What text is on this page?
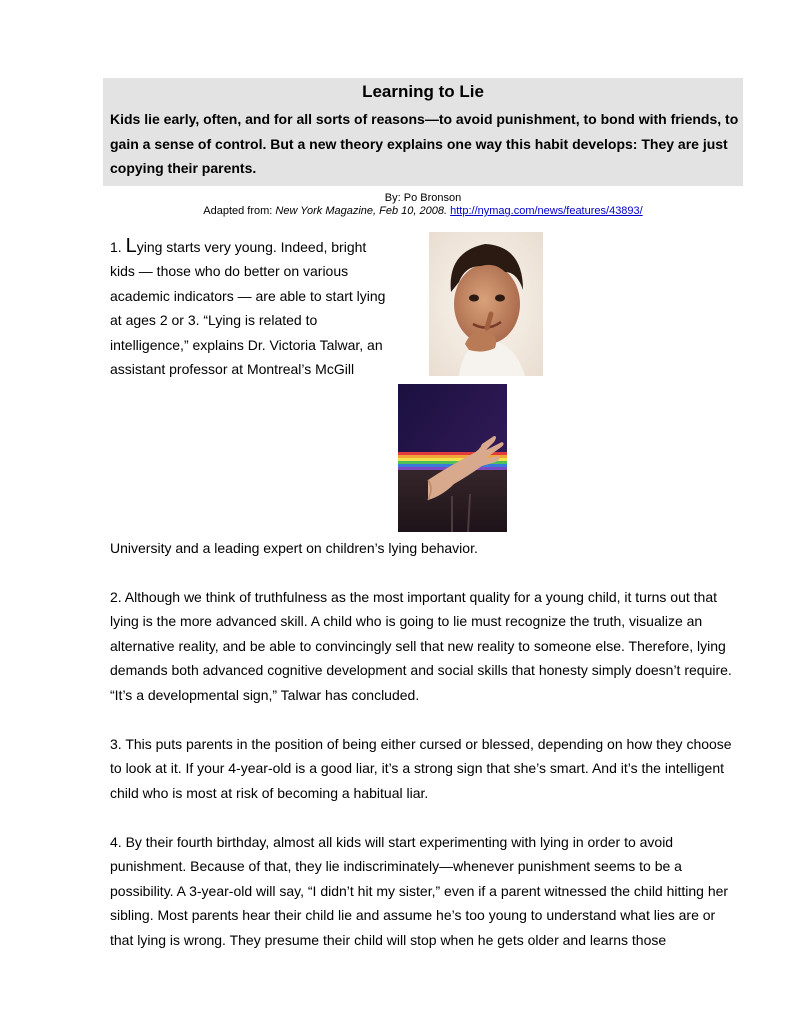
Learning to Lie
Kids lie early, often, and for all sorts of reasons—to avoid punishment, to bond with friends, to gain a sense of control. But a new theory explains one way this habit develops: They are just copying their parents.
By: Po Bronson
Adapted from: New York Magazine, Feb 10, 2008. http://nymag.com/news/features/43893/

1. Lying starts very young. Indeed, bright kids — those who do better on various academic indicators — are able to start lying at ages 2 or 3. “Lying is related to intelligence,” explains Dr. Victoria Talwar, an assistant professor at Montreal’s McGill

University and a leading expert on children’s lying behavior.

2. Although we think of truthfulness as the most important quality for a young child, it turns out that lying is the more advanced skill. A child who is going to lie must recognize the truth, visualize an alternative reality, and be able to convincingly sell that new reality to someone else. Therefore, lying demands both advanced cognitive development and social skills that honesty simply doesn’t require. “It’s a developmental sign,” Talwar has concluded.

3. This puts parents in the position of being either cursed or blessed, depending on how they choose to look at it. If your 4-year-old is a good liar, it’s a strong sign that she’s smart. And it’s the intelligent child who is most at risk of becoming a habitual liar.

4. By their fourth birthday, almost all kids will start experimenting with lying in order to avoid punishment. Because of that, they lie indiscriminately—whenever punishment seems to be a possibility. A 3-year-old will say, “I didn’t hit my sister,” even if a parent witnessed the child hitting her sibling. Most parents hear their child lie and assume he’s too young to understand what lies are or that lying is wrong. They presume their child will stop when he gets older and learns those
